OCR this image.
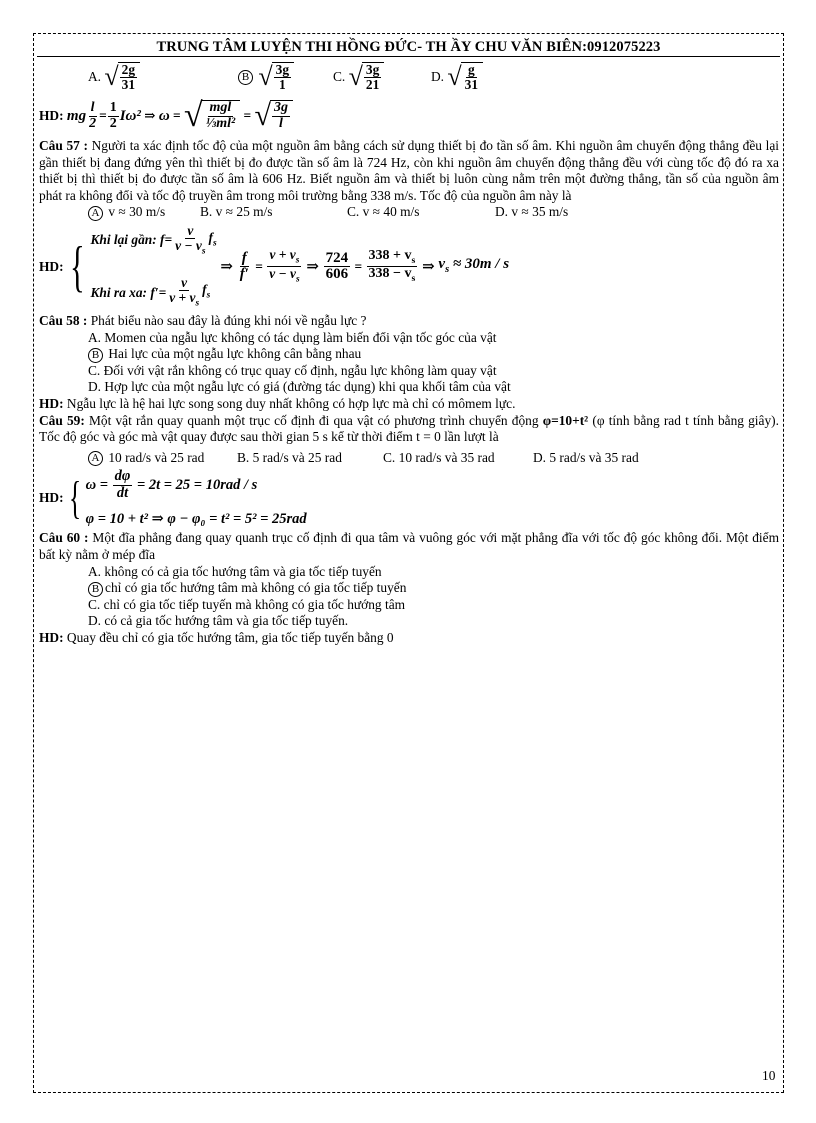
TRUNG TÂM LUYỆN THI HỒNG ĐỨC- TH ẦY CHU VĂN BIÊN:0912075223
A.
√ $\frac{2g}{31}$	B
√ $\frac{3g}{1}$	C.
√ $\frac{3g}{21}$	D.
√ $\frac{g}{31}$
HD:
mg $\frac{l}{2} = \frac{1}{2} I\omega^2$ ⇒ ω = √ $\frac{\text{mgl}}{\text{⅓ml²}}$ = √ $\frac{3g}{l}$

Câu 57 : Người ta xác định tốc độ của một nguồn âm bằng cách sử dụng thiết bị đo tần số âm. Khi nguồn âm chuyển động thẳng đều lại gần thiết bị đang đứng yên thì thiết bị đo được tần số âm là 724 Hz, còn khi nguồn âm chuyển động thẳng đều với cùng tốc độ đó ra xa thiết bị thì thiết bị đo được tần số âm là 606 Hz. Biết nguồn âm và thiết bị luôn cùng nằm trên một đường thẳng, tần số của nguồn âm phát ra không đổi và tốc độ truyền âm trong môi trường bằng 338 m/s. Tốc độ của nguồn âm này là

A v ≈ 30 m/s	B. v ≈ 25 m/s	C. v ≈ 40 m/s	D. v ≈ 35 m/s
HD: { Khi lại gần:
$f= \frac{v}{v - v_s} f_s$
Khi ra xa:
$f'= \frac{v}{v + v_s} f_s$
⇒ $\frac{f}{f'} = \frac{v + v_s}{v - v_s}$ ⇒ $\frac{724}{606} = \frac{338 + v_s}{338 - v_s}$ ⇒ $v_s \approx 30m / s$

Câu 58 : Phát biểu nào sau đây là đúng khi nói về ngẫu lực ?

A. Momen của ngẫu lực không có tác dụng làm biến đổi vận tốc góc của vật
B Hai lực của một ngẫu lực không cân bằng nhau
C. Đối với vật rắn không có trục quay cố định, ngẫu lực không làm quay vật
D. Hợp lực của một ngẫu lực có giá (đường tác dụng) khi qua khối tâm của vật

HD: Ngẫu lực là hệ hai lực song song duy nhất không có hợp lực mà chỉ có mômem lực.

Câu 59: Một vật rắn quay quanh một trục cố định đi qua vật có phương trình chuyển động φ=10+t² (φ tính bằng rad t tính bằng giây). Tốc độ góc và góc mà vật quay được sau thời gian 5 s kể từ thời điểm t = 0 lần lượt là

A 10 rad/s và 25 rad	B. 5 rad/s và 25 rad	C. 10 rad/s và 35 rad	D. 5 rad/s và 35 rad
HD: { $\omega = \frac{d\varphi}{dt}$
= 2t = 25 = 10rad / s
φ = 10 + t² ⇒ φ − φ₀ = t² = 5² = 25rad

Câu 60 : Một đĩa phẳng đang quay quanh trục cố định đi qua tâm và vuông góc với mặt phẳng đĩa với tốc độ góc không đổi. Một điểm bất kỳ nằm ở mép đĩa

A. không có cả gia tốc hướng tâm và gia tốc tiếp tuyến
B chỉ có gia tốc hướng tâm mà không có gia tốc tiếp tuyến
C. chỉ có gia tốc tiếp tuyến mà không có gia tốc hướng tâm
D. có cả gia tốc hướng tâm và gia tốc tiếp tuyến.

HD: Quay đều chỉ có gia tốc hướng tâm, gia tốc tiếp tuyến bằng 0

10
